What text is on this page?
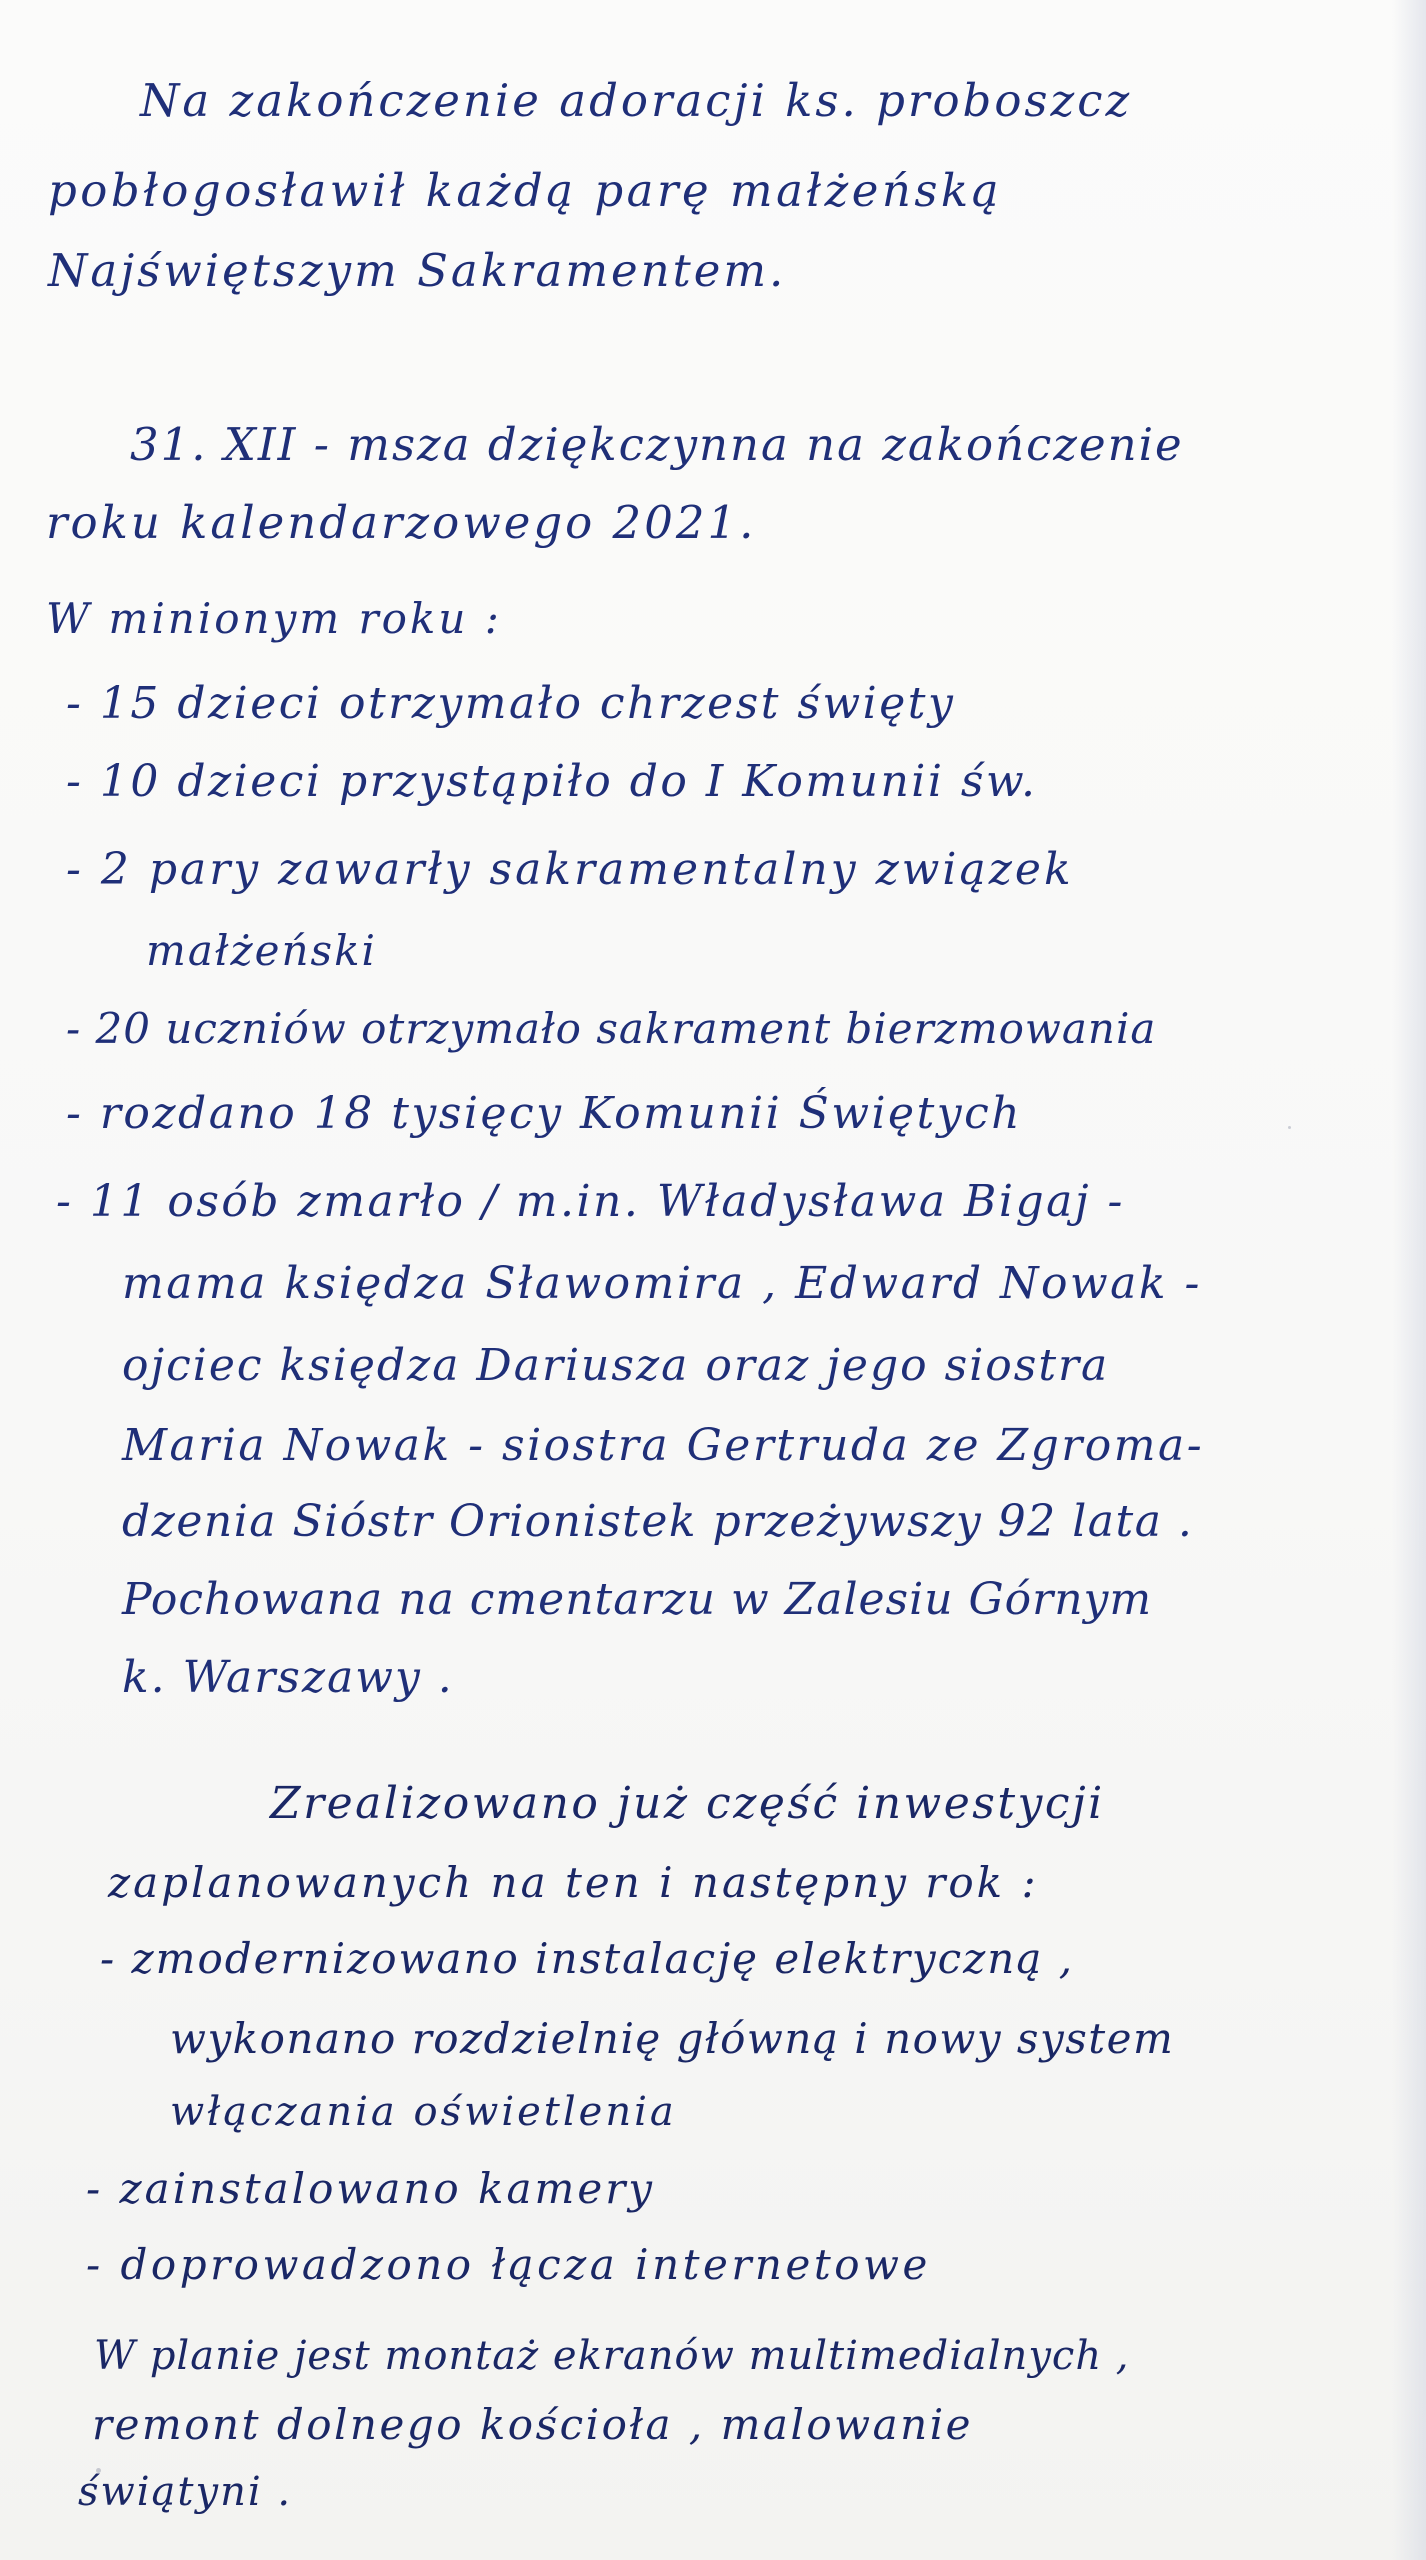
Na zakończenie adoracji ks. proboszcz
pobłogosławił każdą parę małżeńską
Najświętszym Sakramentem.
31. XII - msza dziękczynna na zakończenie
roku kalendarzowego 2021.
W minionym roku :
- 15 dzieci otrzymało chrzest święty
- 10 dzieci przystąpiło do I Komunii św.
- 2 pary zawarły sakramentalny związek
małżeński
- 20 uczniów otrzymało sakrament bierzmowania
- rozdano 18 tysięcy Komunii Świętych
- 11 osób zmarło / m.in. Władysława Bigaj -
mama księdza Sławomira , Edward Nowak -
ojciec księdza Dariusza oraz jego siostra
Maria Nowak - siostra Gertruda ze Zgroma-
dzenia Sióstr Orionistek przeżywszy 92 lata .
Pochowana na cmentarzu w Zalesiu Górnym
k. Warszawy .
Zrealizowano już część inwestycji
zaplanowanych na ten i następny rok :
- zmodernizowano instalację elektryczną ,
wykonano rozdzielnię główną i nowy system
włączania oświetlenia
- zainstalowano kamery
- doprowadzono łącza internetowe
W planie jest montaż ekranów multimedialnych ,
remont dolnego kościoła , malowanie
świątyni .
